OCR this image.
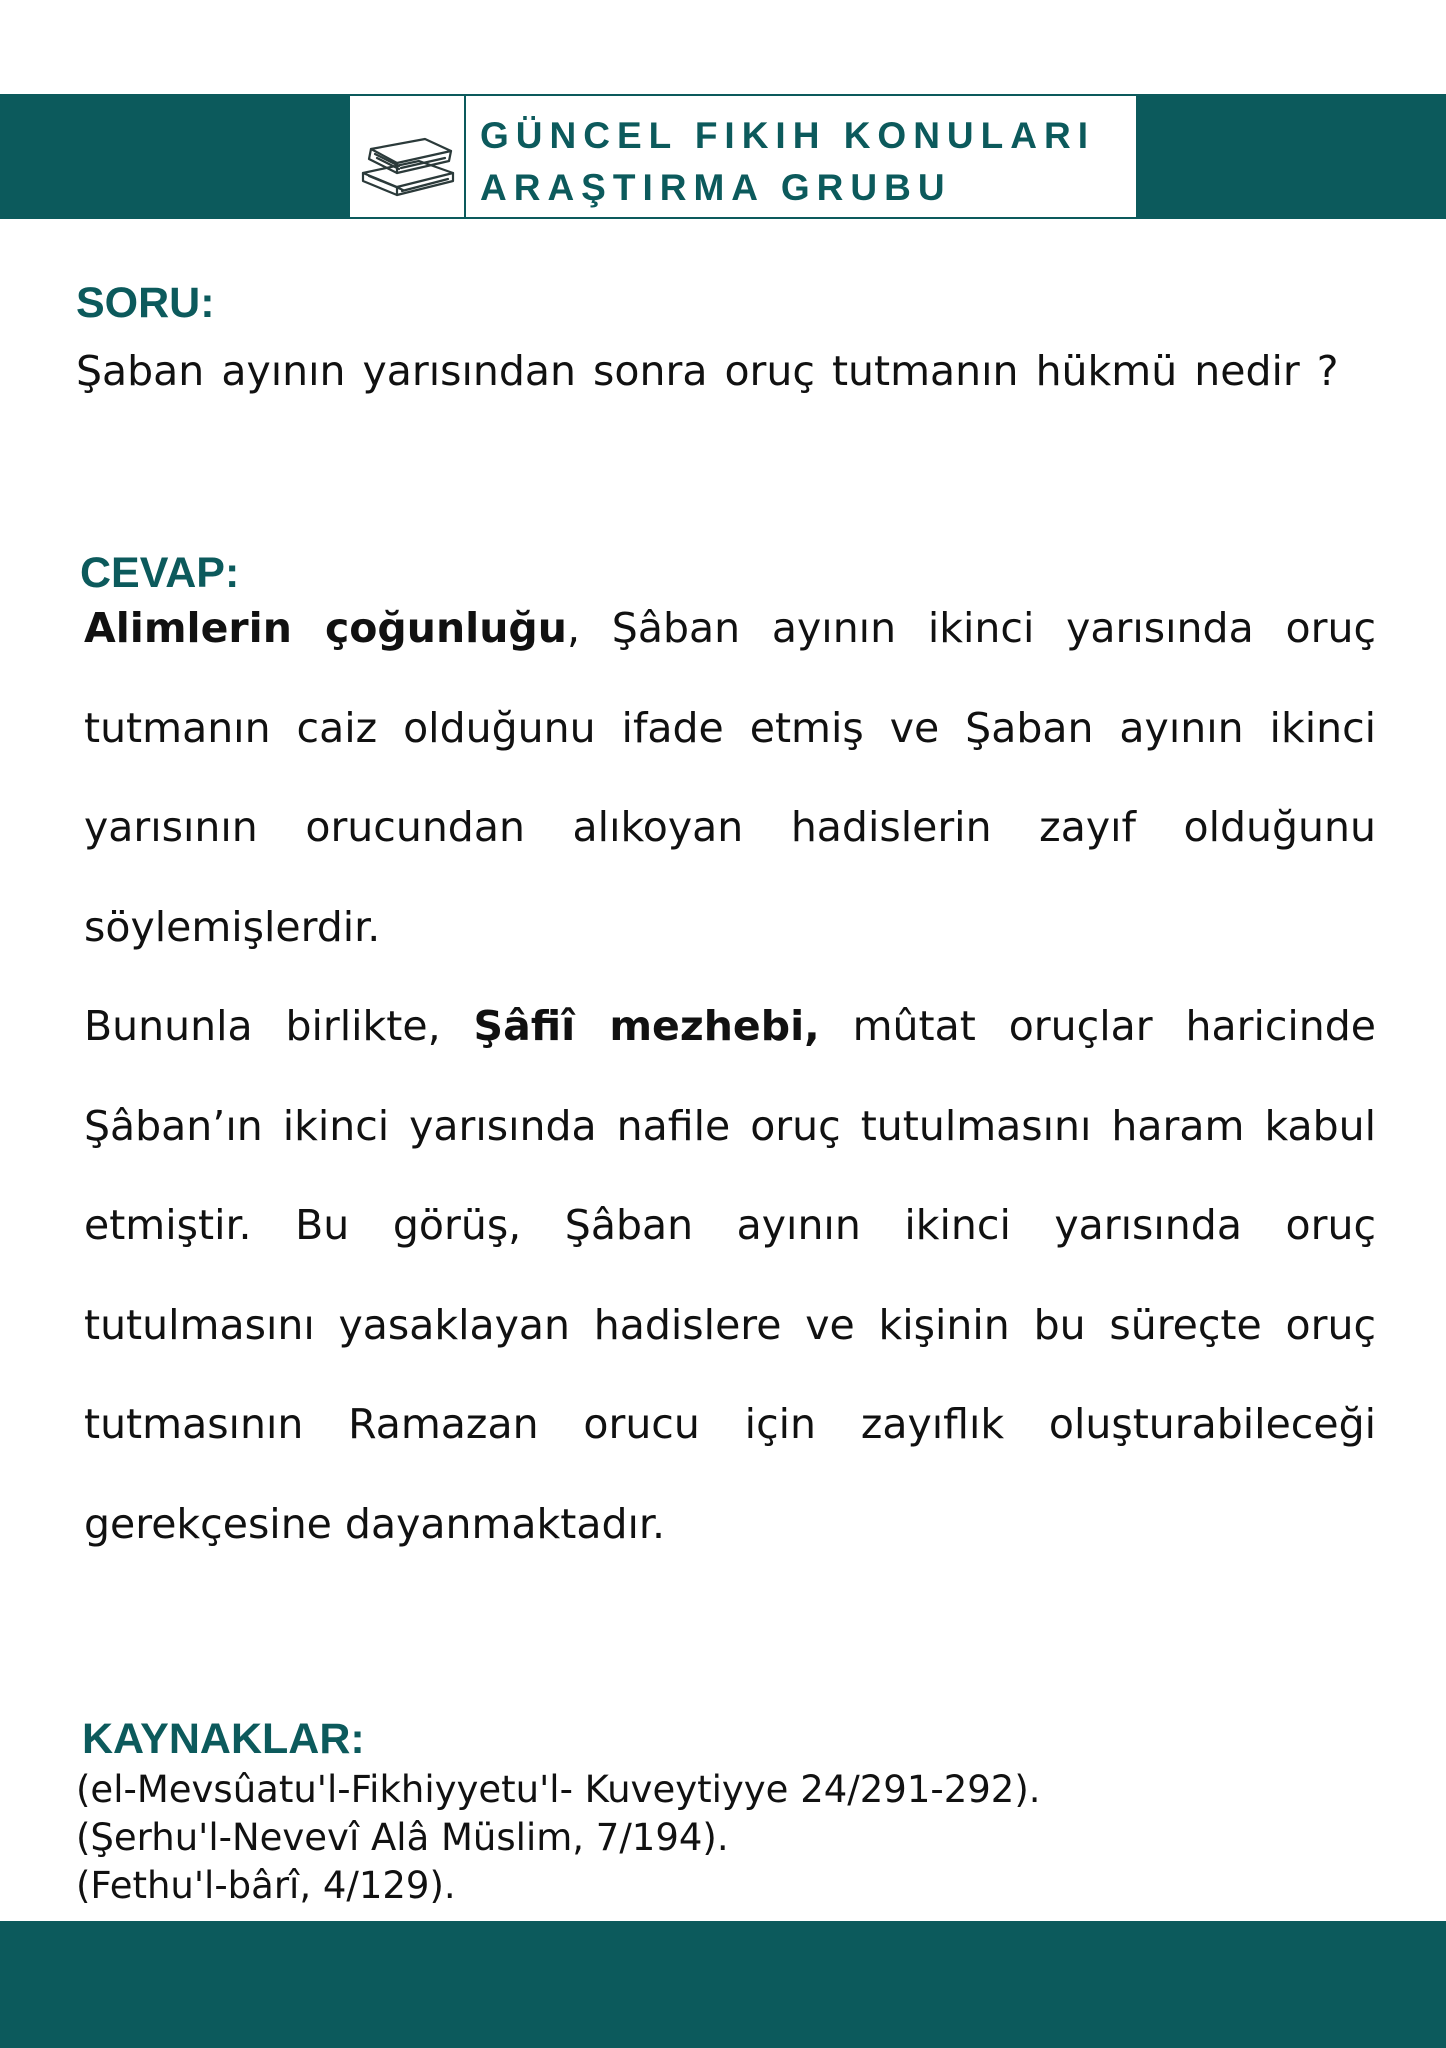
GÜNCEL FIKIH KONULARI
ARAŞTIRMA GRUBU
SORU:
Şaban ayının yarısından sonra oruç tutmanın hükmü nedir ?
CEVAP:

Alimlerin çoğunluğu, Şâban ayının ikinci yarısında oruç tutmanın caiz olduğunu ifade etmiş ve Şaban ayının ikinci yarısının orucundan alıkoyan hadislerin zayıf olduğunu söylemişlerdir.

Bununla birlikte, Şâfiî mezhebi, mûtat oruçlar haricinde Şâban’ın ikinci yarısında nafile oruç tutulmasını haram kabul etmiştir. Bu görüş, Şâban ayının ikinci yarısında oruç tutulmasını yasaklayan hadislere ve kişinin bu süreçte oruç tutmasının Ramazan orucu için zayıflık oluşturabileceği gerekçesine dayanmaktadır.

KAYNAKLAR:
(el-Mevsûatu'l-Fikhiyyetu'l- Kuveytiyye 24/291-292).
(Şerhu'l-Nevevî Alâ Müslim, 7/194).
(Fethu'l-bârî, 4/129).
